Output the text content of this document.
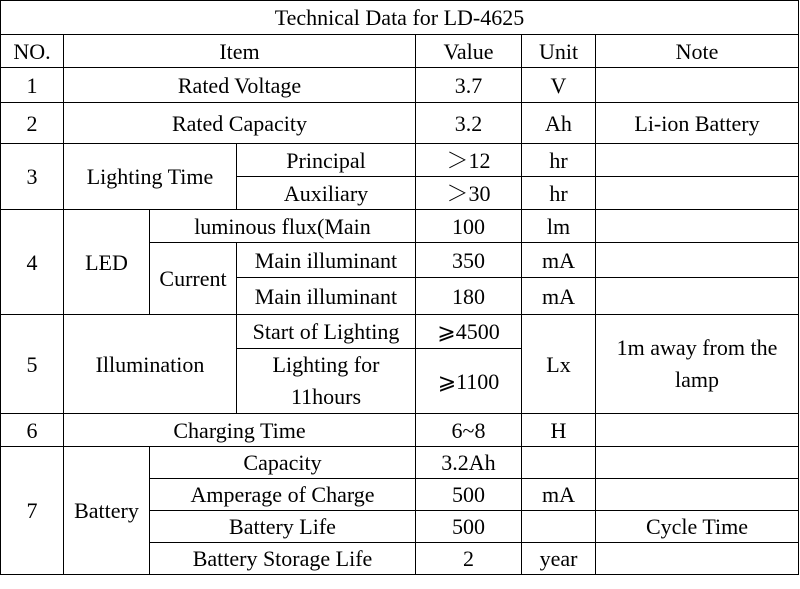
Technical Data for LD-4625						
NO.	Item			Value	Unit	Note
1	Rated Voltage			3.7	V	
2	Rated Capacity			3.2	Ah	Li-ion Battery
3	Lighting Time		Principal	＞12	hr	
			Auxiliary	＞30	hr	
4	LED	luminous flux(Main		100	lm	
		Current	Main illuminant	350	mA	
			Main illuminant	180	mA	
5	Illumination		Start of Lighting	⩾4500	Lx	1m away from the lamp
			Lighting for 11hours	⩾1100		
6	Charging Time			6~8	H	
7	Battery	Capacity		3.2Ah		
		Amperage of Charge		500	mA	
		Battery Life		500		Cycle Time
		Battery Storage Life		2	year	
